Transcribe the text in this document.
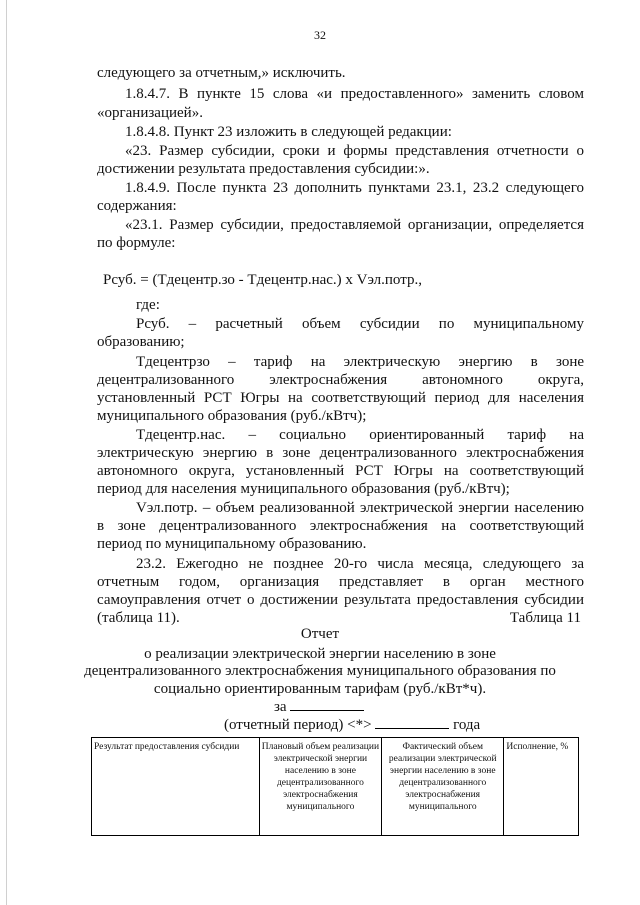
32
следующего за отчетным,» исключить.
1.8.4.7. В пункте 15 слова «и предоставленного» заменить словом
«организацией».
1.8.4.8. Пункт 23 изложить в следующей редакции:
«23. Размер субсидии, сроки и формы представления отчетности о
достижении результата предоставления субсидии:».
1.8.4.9. После пункта 23 дополнить пунктами 23.1, 23.2 следующего
содержания:
«23.1. Размер субсидии, предоставляемой организации, определяется
по формуле:
Рсуб. = (Тдецентр.зо - Тдецентр.нас.) х Vэл.потр.,
где:
Рсуб. – расчетный объем субсидии по муниципальному
образованию;
Тдецентрзо – тариф на электрическую энергию в зоне
децентрализованного электроснабжения автономного округа,
установленный РСТ Югры на соответствующий период для населения
муниципального образования (руб./кВтч);
Тдецентр.нас. – социально ориентированный тариф на
электрическую энергию в зоне децентрализованного электроснабжения
автономного округа, установленный РСТ Югры на соответствующий
период для населения муниципального образования (руб./кВтч);
Vэл.потр. – объем реализованной электрической энергии населению
в зоне децентрализованного электроснабжения на соответствующий
период по муниципальному образованию.
23.2. Ежегодно не позднее 20-го числа месяца, следующего за
отчетным годом, организация представляет в орган местного
самоуправления отчет о достижении результата предоставления субсидии
(таблица 11).	Таблица 11
Отчет
о реализации электрической энергии населению в зоне
децентрализованного электроснабжения муниципального образования по
социально ориентированным тарифам (руб./кВт*ч).
за
(отчетный период) <*>	года
Результат предоставления субсидии	Плановый объем реализации электрической энергии населению в зоне децентрализованного электроснабжения муниципального	Фактический объем реализации электрической энергии населению в зоне децентрализованного электроснабжения муниципального	Исполнение, %
